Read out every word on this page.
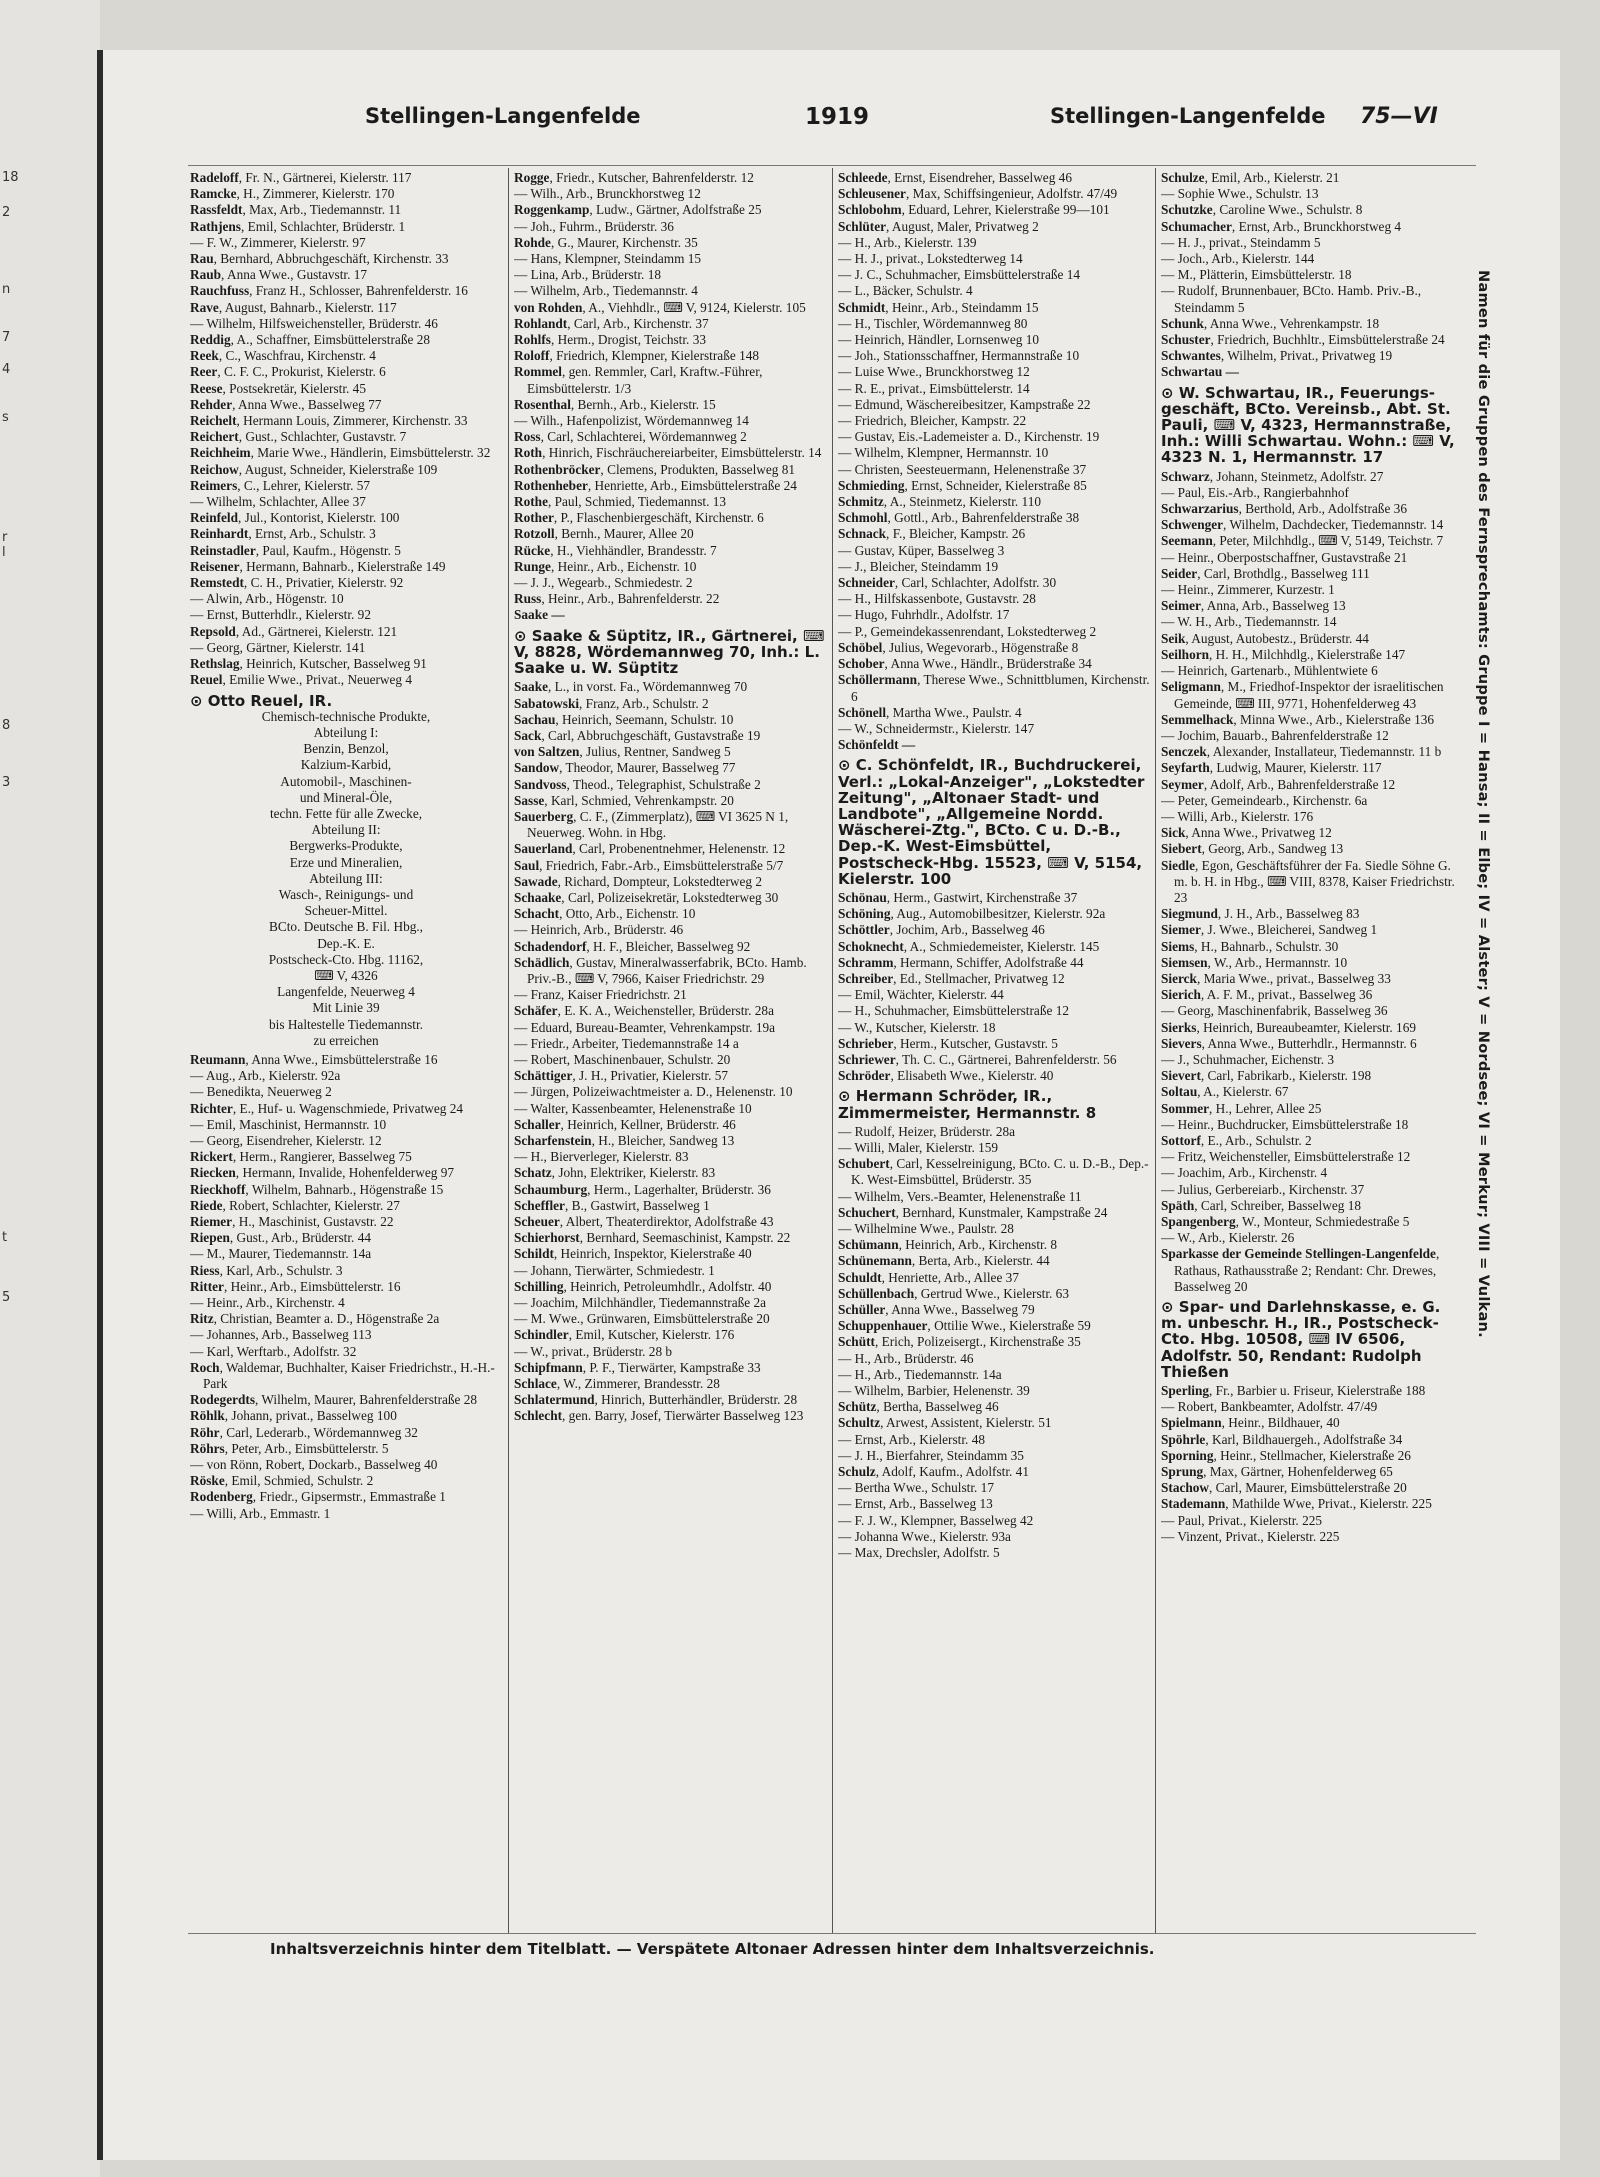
18
2
n
7
4
s
r
l
8
3
t
5
Stellingen-Langenfelde	1919	Stellingen-Langenfelde 75—VI

Radeloff, Fr. N., Gärtnerei, Kielerstr. 117

Ramcke, H., Zimmerer, Kielerstr. 170

Rassfeldt, Max, Arb., Tiedemannstr. 11

Rathjens, Emil, Schlachter, Brüderstr. 1

— F. W., Zimmerer, Kielerstr. 97

Rau, Bernhard, Abbruchgeschäft, Kirchenstr. 33

Raub, Anna Wwe., Gustavstr. 17

Rauchfuss, Franz H., Schlosser, Bahrenfelderstr. 16

Rave, August, Bahnarb., Kielerstr. 117

— Wilhelm, Hilfsweichensteller, Brüderstr. 46

Reddig, A., Schaffner, Eimsbüttelerstraße 28

Reek, C., Waschfrau, Kirchenstr. 4

Reer, C. F. C., Prokurist, Kielerstr. 6

Reese, Postsekretär, Kielerstr. 45

Rehder, Anna Wwe., Basselweg 77

Reichelt, Hermann Louis, Zimmerer, Kirchenstr. 33

Reichert, Gust., Schlachter, Gustavstr. 7

Reichheim, Marie Wwe., Händlerin, Eimsbüttelerstr. 32

Reichow, August, Schneider, Kielerstraße 109

Reimers, C., Lehrer, Kielerstr. 57

— Wilhelm, Schlachter, Allee 37

Reinfeld, Jul., Kontorist, Kielerstr. 100

Reinhardt, Ernst, Arb., Schulstr. 3

Reinstadler, Paul, Kaufm., Högenstr. 5

Reisener, Hermann, Bahnarb., Kielerstraße 149

Remstedt, C. H., Privatier, Kielerstr. 92

— Alwin, Arb., Högenstr. 10

— Ernst, Butterhdlr., Kielerstr. 92

Repsold, Ad., Gärtnerei, Kielerstr. 121

— Georg, Gärtner, Kielerstr. 141

Rethslag, Heinrich, Kutscher, Basselweg 91

Reuel, Emilie Wwe., Privat., Neuerweg 4

⊙ Otto Reuel, IR.
Chemisch-technische Produkte,
Abteilung I:
Benzin, Benzol,
Kalzium-Karbid,
Automobil-, Maschinen-
und Mineral-Öle,
techn. Fette für alle Zwecke,
Abteilung II:
Bergwerks-Produkte,
Erze und Mineralien,
Abteilung III:
Wasch-, Reinigungs- und
Scheuer-Mittel.
BCto. Deutsche B. Fil. Hbg.,
Dep.-K. E.
Postscheck-Cto. Hbg. 11162,
⌨ V, 4326
Langenfelde, Neuerweg 4
Mit Linie 39
bis Haltestelle Tiedemannstr.
zu erreichen

Reumann, Anna Wwe., Eimsbüttelerstraße 16

— Aug., Arb., Kielerstr. 92a

— Benedikta, Neuerweg 2

Richter, E., Huf- u. Wagenschmiede, Privatweg 24

— Emil, Maschinist, Hermannstr. 10

— Georg, Eisendreher, Kielerstr. 12

Rickert, Herm., Rangierer, Basselweg 75

Riecken, Hermann, Invalide, Hohenfelderweg 97

Rieckhoff, Wilhelm, Bahnarb., Högenstraße 15

Riede, Robert, Schlachter, Kielerstr. 27

Riemer, H., Maschinist, Gustavstr. 22

Riepen, Gust., Arb., Brüderstr. 44

— M., Maurer, Tiedemannstr. 14a

Riess, Karl, Arb., Schulstr. 3

Ritter, Heinr., Arb., Eimsbüttelerstr. 16

— Heinr., Arb., Kirchenstr. 4

Ritz, Christian, Beamter a. D., Högenstraße 2a

— Johannes, Arb., Basselweg 113

— Karl, Werftarb., Adolfstr. 32

Roch, Waldemar, Buchhalter, Kaiser Friedrichstr., H.-H.-Park

Rodegerdts, Wilhelm, Maurer, Bahrenfelderstraße 28

Röhlk, Johann, privat., Basselweg 100

Röhr, Carl, Lederarb., Wördemannweg 32

Röhrs, Peter, Arb., Eimsbüttelerstr. 5

— von Rönn, Robert, Dockarb., Basselweg 40

Röske, Emil, Schmied, Schulstr. 2

Rodenberg, Friedr., Gipsermstr., Emmastraße 1

— Willi, Arb., Emmastr. 1

Rogge, Friedr., Kutscher, Bahrenfelderstr. 12

— Wilh., Arb., Brunckhorstweg 12

Roggenkamp, Ludw., Gärtner, Adolfstraße 25

— Joh., Fuhrm., Brüderstr. 36

Rohde, G., Maurer, Kirchenstr. 35

— Hans, Klempner, Steindamm 15

— Lina, Arb., Brüderstr. 18

— Wilhelm, Arb., Tiedemannstr. 4

von Rohden, A., Viehhdlr., ⌨ V, 9124, Kielerstr. 105

Rohlandt, Carl, Arb., Kirchenstr. 37

Rohlfs, Herm., Drogist, Teichstr. 33

Roloff, Friedrich, Klempner, Kielerstraße 148

Rommel, gen. Remmler, Carl, Kraftw.-Führer, Eimsbüttelerstr. 1/3

Rosenthal, Bernh., Arb., Kielerstr. 15

— Wilh., Hafenpolizist, Wördemannweg 14

Ross, Carl, Schlachterei, Wördemannweg 2

Roth, Hinrich, Fischräuchereiarbeiter, Eimsbüttelerstr. 14

Rothenbröcker, Clemens, Produkten, Basselweg 81

Rothenheber, Henriette, Arb., Eimsbüttelerstraße 24

Rothe, Paul, Schmied, Tiedemannst. 13

Rother, P., Flaschenbiergeschäft, Kirchenstr. 6

Rotzoll, Bernh., Maurer, Allee 20

Rücke, H., Viehhändler, Brandesstr. 7

Runge, Heinr., Arb., Eichenstr. 10

— J. J., Wegearb., Schmiedestr. 2

Russ, Heinr., Arb., Bahrenfelderstr. 22

Saake —

⊙ Saake & Süptitz, IR., Gärtnerei, ⌨ V, 8828, Wördemannweg 70, Inh.: L. Saake u. W. Süptitz

Saake, L., in vorst. Fa., Wördemannweg 70

Sabatowski, Franz, Arb., Schulstr. 2

Sachau, Heinrich, Seemann, Schulstr. 10

Sack, Carl, Abbruchgeschäft, Gustavstraße 19

von Saltzen, Julius, Rentner, Sandweg 5

Sandow, Theodor, Maurer, Basselweg 77

Sandvoss, Theod., Telegraphist, Schulstraße 2

Sasse, Karl, Schmied, Vehrenkampstr. 20

Sauerberg, C. F., (Zimmerplatz), ⌨ VI 3625 N 1, Neuerweg. Wohn. in Hbg.

Sauerland, Carl, Probenentnehmer, Helenenstr. 12

Saul, Friedrich, Fabr.-Arb., Eimsbüttelerstraße 5/7

Sawade, Richard, Dompteur, Lokstedterweg 2

Schaake, Carl, Polizeisekretär, Lokstedterweg 30

Schacht, Otto, Arb., Eichenstr. 10

— Heinrich, Arb., Brüderstr. 46

Schadendorf, H. F., Bleicher, Basselweg 92

Schädlich, Gustav, Mineralwasserfabrik, BCto. Hamb. Priv.-B., ⌨ V, 7966, Kaiser Friedrichstr. 29

— Franz, Kaiser Friedrichstr. 21

Schäfer, E. K. A., Weichensteller, Brüderstr. 28a

— Eduard, Bureau-Beamter, Vehrenkampstr. 19a

— Friedr., Arbeiter, Tiedemannstraße 14 a

— Robert, Maschinenbauer, Schulstr. 20

Schättiger, J. H., Privatier, Kielerstr. 57

— Jürgen, Polizeiwachtmeister a. D., Helenenstr. 10

— Walter, Kassenbeamter, Helenenstraße 10

Schaller, Heinrich, Kellner, Brüderstr. 46

Scharfenstein, H., Bleicher, Sandweg 13

— H., Bierverleger, Kielerstr. 83

Schatz, John, Elektriker, Kielerstr. 83

Schaumburg, Herm., Lagerhalter, Brüderstr. 36

Scheffler, B., Gastwirt, Basselweg 1

Scheuer, Albert, Theaterdirektor, Adolfstraße 43

Schierhorst, Bernhard, Seemaschinist, Kampstr. 22

Schildt, Heinrich, Inspektor, Kielerstraße 40

— Johann, Tierwärter, Schmiedestr. 1

Schilling, Heinrich, Petroleumhdlr., Adolfstr. 40

— Joachim, Milchhändler, Tiedemannstraße 2a

— M. Wwe., Grünwaren, Eimsbüttelerstraße 20

Schindler, Emil, Kutscher, Kielerstr. 176

— W., privat., Brüderstr. 28 b

Schipfmann, P. F., Tierwärter, Kampstraße 33

Schlace, W., Zimmerer, Brandesstr. 28

Schlatermund, Hinrich, Butterhändler, Brüderstr. 28

Schlecht, gen. Barry, Josef, Tierwärter Basselweg 123

Schleede, Ernst, Eisendreher, Basselweg 46

Schleusener, Max, Schiffsingenieur, Adolfstr. 47/49

Schlobohm, Eduard, Lehrer, Kielerstraße 99—101

Schlüter, August, Maler, Privatweg 2

— H., Arb., Kielerstr. 139

— H. J., privat., Lokstedterweg 14

— J. C., Schuhmacher, Eimsbüttelerstraße 14

— L., Bäcker, Schulstr. 4

Schmidt, Heinr., Arb., Steindamm 15

— H., Tischler, Wördemannweg 80

— Heinrich, Händler, Lornsenweg 10

— Joh., Stationsschaffner, Hermannstraße 10

— Luise Wwe., Brunckhorstweg 12

— R. E., privat., Eimsbüttelerstr. 14

— Edmund, Wäschereibesitzer, Kampstraße 22

— Friedrich, Bleicher, Kampstr. 22

— Gustav, Eis.-Lademeister a. D., Kirchenstr. 19

— Wilhelm, Klempner, Hermannstr. 10

— Christen, Seesteuermann, Helenenstraße 37

Schmieding, Ernst, Schneider, Kielerstraße 85

Schmitz, A., Steinmetz, Kielerstr. 110

Schmohl, Gottl., Arb., Bahrenfelderstraße 38

Schnack, F., Bleicher, Kampstr. 26

— Gustav, Küper, Basselweg 3

— J., Bleicher, Steindamm 19

Schneider, Carl, Schlachter, Adolfstr. 30

— H., Hilfskassenbote, Gustavstr. 28

— Hugo, Fuhrhdlr., Adolfstr. 17

— P., Gemeindekassenrendant, Lokstedterweg 2

Schöbel, Julius, Wegevorarb., Högenstraße 8

Schober, Anna Wwe., Händlr., Brüderstraße 34

Schöllermann, Therese Wwe., Schnittblumen, Kirchenstr. 6

Schönell, Martha Wwe., Paulstr. 4

— W., Schneidermstr., Kielerstr. 147

Schönfeldt —

⊙ C. Schönfeldt, IR., Buchdruckerei, Verl.: „Lokal-Anzeiger", „Lokstedter Zeitung", „Altonaer Stadt- und Landbote", „Allgemeine Nordd. Wäscherei-Ztg.", BCto. C u. D.-B., Dep.-K. West-Eimsbüttel, Postscheck-Hbg. 15523, ⌨ V, 5154, Kielerstr. 100

Schönau, Herm., Gastwirt, Kirchenstraße 37

Schöning, Aug., Automobilbesitzer, Kielerstr. 92a

Schöttler, Jochim, Arb., Basselweg 46

Schoknecht, A., Schmiedemeister, Kielerstr. 145

Schramm, Hermann, Schiffer, Adolfstraße 44

Schreiber, Ed., Stellmacher, Privatweg 12

— Emil, Wächter, Kielerstr. 44

— H., Schuhmacher, Eimsbüttelerstraße 12

— W., Kutscher, Kielerstr. 18

Schrieber, Herm., Kutscher, Gustavstr. 5

Schriewer, Th. C. C., Gärtnerei, Bahrenfelderstr. 56

Schröder, Elisabeth Wwe., Kielerstr. 40

⊙ Hermann Schröder, IR., Zimmermeister, Hermannstr. 8

— Rudolf, Heizer, Brüderstr. 28a

— Willi, Maler, Kielerstr. 159

Schubert, Carl, Kesselreinigung, BCto. C. u. D.-B., Dep.-K. West-Eimsbüttel, Brüderstr. 35

— Wilhelm, Vers.-Beamter, Helenenstraße 11

Schuchert, Bernhard, Kunstmaler, Kampstraße 24

— Wilhelmine Wwe., Paulstr. 28

Schümann, Heinrich, Arb., Kirchenstr. 8

Schünemann, Berta, Arb., Kielerstr. 44

Schuldt, Henriette, Arb., Allee 37

Schüllenbach, Gertrud Wwe., Kielerstr. 63

Schüller, Anna Wwe., Basselweg 79

Schuppenhauer, Ottilie Wwe., Kielerstraße 59

Schütt, Erich, Polizeisergt., Kirchenstraße 35

— H., Arb., Brüderstr. 46

— H., Arb., Tiedemannstr. 14a

— Wilhelm, Barbier, Helenenstr. 39

Schütz, Bertha, Basselweg 46

Schultz, Arwest, Assistent, Kielerstr. 51

— Ernst, Arb., Kielerstr. 48

— J. H., Bierfahrer, Steindamm 35

Schulz, Adolf, Kaufm., Adolfstr. 41

— Bertha Wwe., Schulstr. 17

— Ernst, Arb., Basselweg 13

— F. J. W., Klempner, Basselweg 42

— Johanna Wwe., Kielerstr. 93a

— Max, Drechsler, Adolfstr. 5

Schulze, Emil, Arb., Kielerstr. 21

— Sophie Wwe., Schulstr. 13

Schutzke, Caroline Wwe., Schulstr. 8

Schumacher, Ernst, Arb., Brunckhorstweg 4

— H. J., privat., Steindamm 5

— Joch., Arb., Kielerstr. 144

— M., Plätterin, Eimsbüttelerstr. 18

— Rudolf, Brunnenbauer, BCto. Hamb. Priv.-B., Steindamm 5

Schunk, Anna Wwe., Vehrenkampstr. 18

Schuster, Friedrich, Buchhltr., Eimsbüttelerstraße 24

Schwantes, Wilhelm, Privat., Privatweg 19

Schwartau —

⊙ W. Schwartau, IR., Feuerungsgeschäft, BCto. Vereinsb., Abt. St. Pauli, ⌨ V, 4323, Hermannstraße, Inh.: Willi Schwartau. Wohn.: ⌨ V, 4323 N. 1, Hermannstr. 17

Schwarz, Johann, Steinmetz, Adolfstr. 27

— Paul, Eis.-Arb., Rangierbahnhof

Schwarzarius, Berthold, Arb., Adolfstraße 36

Schwenger, Wilhelm, Dachdecker, Tiedemannstr. 14

Seemann, Peter, Milchhdlg., ⌨ V, 5149, Teichstr. 7

— Heinr., Oberpostschaffner, Gustavstraße 21

Seider, Carl, Brothdlg., Basselweg 111

— Heinr., Zimmerer, Kurzestr. 1

Seimer, Anna, Arb., Basselweg 13

— W. H., Arb., Tiedemannstr. 14

Seik, August, Autobestz., Brüderstr. 44

Seilhorn, H. H., Milchhdlg., Kielerstraße 147

— Heinrich, Gartenarb., Mühlentwiete 6

Seligmann, M., Friedhof-Inspektor der israelitischen Gemeinde, ⌨ III, 9771, Hohenfelderweg 43

Semmelhack, Minna Wwe., Arb., Kielerstraße 136

— Jochim, Bauarb., Bahrenfelderstraße 12

Senczek, Alexander, Installateur, Tiedemannstr. 11 b

Seyfarth, Ludwig, Maurer, Kielerstr. 117

Seymer, Adolf, Arb., Bahrenfelderstraße 12

— Peter, Gemeindearb., Kirchenstr. 6a

— Willi, Arb., Kielerstr. 176

Sick, Anna Wwe., Privatweg 12

Siebert, Georg, Arb., Sandweg 13

Siedle, Egon, Geschäftsführer der Fa. Siedle Söhne G. m. b. H. in Hbg., ⌨ VIII, 8378, Kaiser Friedrichstr. 23

Siegmund, J. H., Arb., Basselweg 83

Siemer, J. Wwe., Bleicherei, Sandweg 1

Siems, H., Bahnarb., Schulstr. 30

Siemsen, W., Arb., Hermannstr. 10

Sierck, Maria Wwe., privat., Basselweg 33

Sierich, A. F. M., privat., Basselweg 36

— Georg, Maschinenfabrik, Basselweg 36

Sierks, Heinrich, Bureaubeamter, Kielerstr. 169

Sievers, Anna Wwe., Butterhdlr., Hermannstr. 6

— J., Schuhmacher, Eichenstr. 3

Sievert, Carl, Fabrikarb., Kielerstr. 198

Soltau, A., Kielerstr. 67

Sommer, H., Lehrer, Allee 25

— Heinr., Buchdrucker, Eimsbüttelerstraße 18

Sottorf, E., Arb., Schulstr. 2

— Fritz, Weichensteller, Eimsbüttelerstraße 12

— Joachim, Arb., Kirchenstr. 4

— Julius, Gerbereiarb., Kirchenstr. 37

Späth, Carl, Schreiber, Basselweg 18

Spangenberg, W., Monteur, Schmiedestraße 5

— W., Arb., Kielerstr. 26

Sparkasse der Gemeinde Stellingen-Langenfelde, Rathaus, Rathausstraße 2; Rendant: Chr. Drewes, Basselweg 20

⊙ Spar- und Darlehnskasse, e. G. m. unbeschr. H., IR., Postscheck-Cto. Hbg. 10508, ⌨ IV 6506, Adolfstr. 50, Rendant: Rudolph Thießen

Sperling, Fr., Barbier u. Friseur, Kielerstraße 188

— Robert, Bankbeamter, Adolfstr. 47/49

Spielmann, Heinr., Bildhauer, 40

Spöhrle, Karl, Bildhauergeh., Adolfstraße 34

Sporning, Heinr., Stellmacher, Kielerstraße 26

Sprung, Max, Gärtner, Hohenfelderweg 65

Stachow, Carl, Maurer, Eimsbüttelerstraße 20

Stademann, Mathilde Wwe, Privat., Kielerstr. 225

— Paul, Privat., Kielerstr. 225

— Vinzent, Privat., Kielerstr. 225

Namen für die Gruppen des Fernsprechamts: Gruppe I = Hansa; II = Elbe; IV = Alster; V = Nordsee; VI = Merkur; VIII = Vulkan.
Inhaltsverzeichnis hinter dem Titelblatt. — Verspätete Altonaer Adressen hinter dem Inhaltsverzeichnis.
